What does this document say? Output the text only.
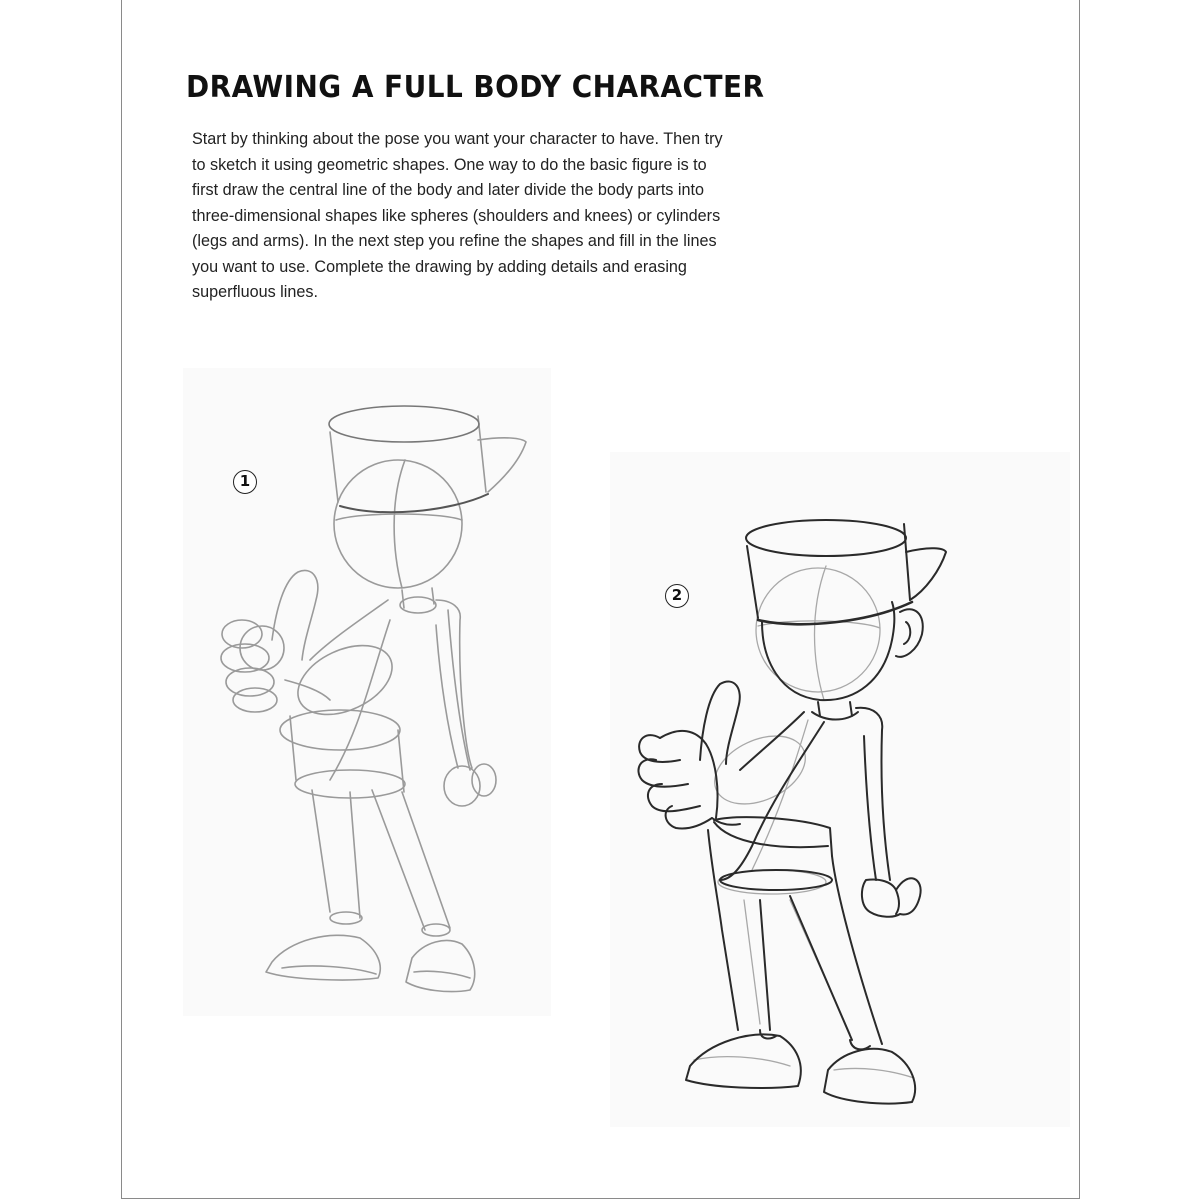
DRAWING A FULL BODY CHARACTER

Start by thinking about the pose you want your character to have. Then try to sketch it using geometric shapes. One way to do the basic figure is to first draw the central line of the body and later divide the body parts into three-dimensional shapes like spheres (shoulders and knees) or cylinders (legs and arms). In the next step you refine the shapes and fill in the lines you want to use. Complete the drawing by adding details and erasing superfluous lines.

1
2
